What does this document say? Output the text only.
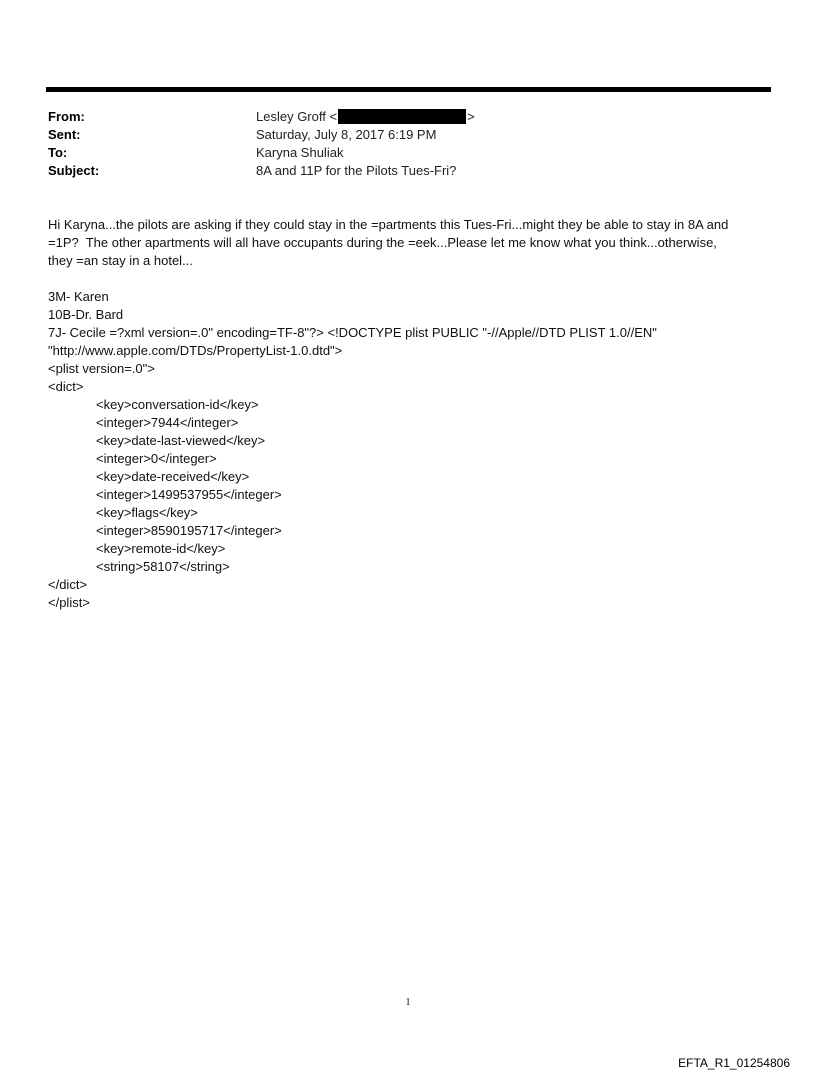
From:	Lesley Groff <	>
Sent:	Saturday, July 8, 2017 6:19 PM
To:	Karyna Shuliak
Subject:	8A and 11P for the Pilots Tues-Fri?
Hi Karyna...the pilots are asking if they could stay in the =partments this Tues-Fri...might they be able to stay in 8A and
=1P?  The other apartments will all have occupants during the =eek...Please let me know what you think...otherwise,
they =an stay in a hotel...
3M- Karen
10B-Dr. Bard
7J- Cecile =?xml version=.0" encoding=TF-8"?> <!DOCTYPE plist PUBLIC "-//Apple//DTD PLIST 1.0//EN"
"http://www.apple.com/DTDs/PropertyList-1.0.dtd">
<plist version=.0">
<dict>
<key>conversation-id</key>
<integer>7944</integer>
<key>date-last-viewed</key>
<integer>0</integer>
<key>date-received</key>
<integer>1499537955</integer>
<key>flags</key>
<integer>8590195717</integer>
<key>remote-id</key>
<string>58107</string>
</dict>
</plist>
1
EFTA_R1_01254806
